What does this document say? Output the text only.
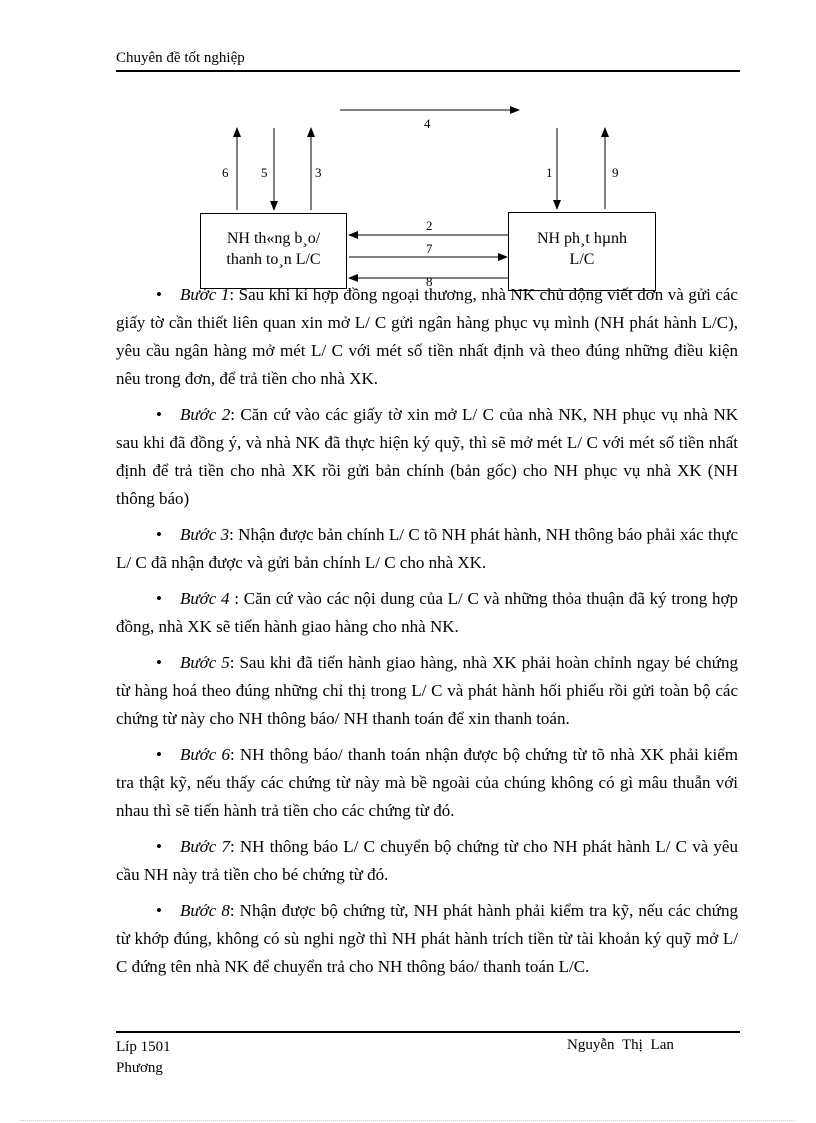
Chuyên đề tốt nghiệp
4
6	5	3	1	9
2
7
8
NH th«ng b¸o/
thanh to¸n L/C
NH ph¸t hµnh
L/C

• Bước 1: Sau khi kí hợp đồng ngoại thương, nhà NK chủ động viết đơn và gửi các giấy tờ cần thiết liên quan xin mở L/ C gửi ngân hàng phục vụ mình (NH phát hành L/C), yêu cầu ngân hàng mở mét L/ C với mét số tiền nhất định và theo đúng những điều kiện nêu trong đơn, để trả tiền cho nhà XK.

• Bước 2: Căn cứ vào các giấy tờ xin mở L/ C của nhà NK, NH phục vụ nhà NK sau khi đã đồng ý, và nhà NK đã thực hiện ký quỹ, thì sẽ mở mét L/ C với mét số tiền nhất định để trả tiền cho nhà XK rồi gửi bản chính (bản gốc) cho NH phục vụ nhà XK (NH thông báo)

• Bước 3: Nhận được bản chính L/ C tõ NH phát hành, NH thông báo phải xác thực L/ C đã nhận được và gửi bản chính L/ C cho nhà XK.

• Bước 4 : Căn cứ vào các nội dung của L/ C và những thỏa thuận đã ký trong hợp đồng, nhà XK sẽ tiến hành giao hàng cho nhà NK.

• Bước 5: Sau khi đã tiến hành giao hàng, nhà XK phải hoàn chỉnh ngay bé chứng từ hàng hoá theo đúng những chỉ thị trong L/ C và phát hành hối phiếu rồi gửi toàn bộ các chứng từ này cho NH thông báo/ NH thanh toán để xin thanh toán.

• Bước 6: NH thông báo/ thanh toán nhận được bộ chứng từ tõ nhà XK phải kiểm tra thật kỹ, nếu thấy các chứng từ này mà bề ngoài của chúng không có gì mâu thuẫn với nhau thì sẽ tiến hành trả tiền cho các chứng từ đó.

• Bước 7: NH thông báo L/ C chuyển bộ chứng từ cho NH phát hành L/ C và yêu cầu NH này trả tiền cho bé chứng từ đó.

• Bước 8: Nhận được bộ chứng từ, NH phát hành phải kiểm tra kỹ, nếu các chứng từ khớp đúng, không có sù nghi ngờ thì NH phát hành trích tiền từ tài khoản ký quỹ mở L/ C đứng tên nhà NK để chuyển trả cho NH thông báo/ thanh toán L/C.

Líp 1501
Phương
Nguyễn Thị Lan
